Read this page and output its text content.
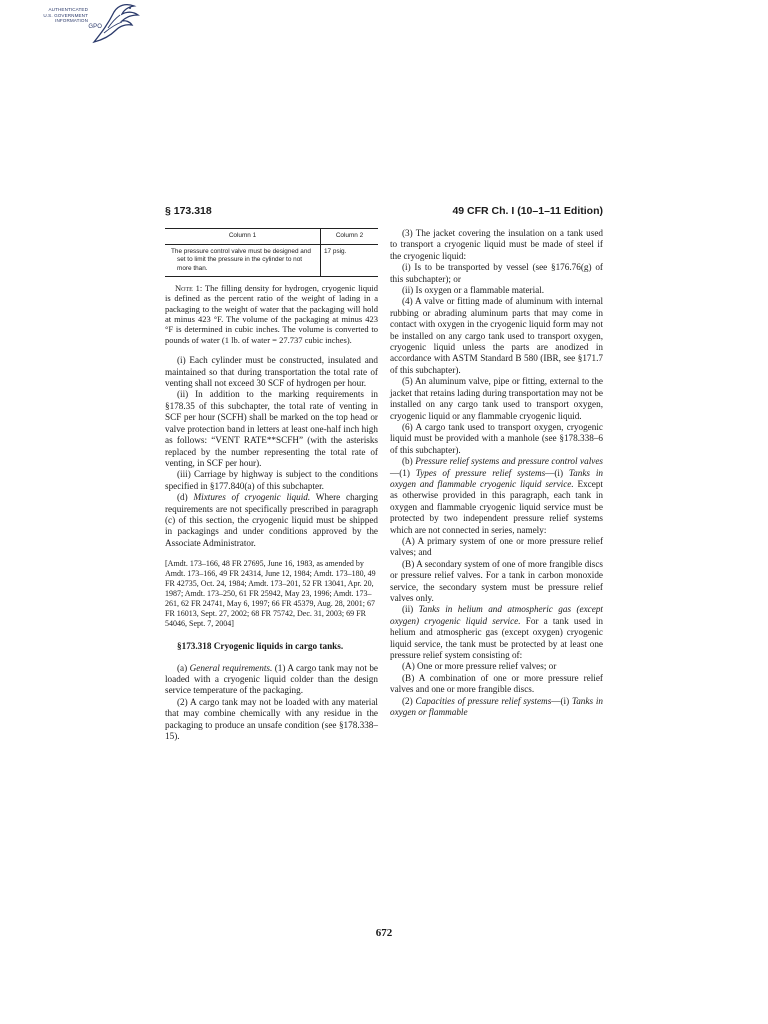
AUTHENTICATED
U.S. GOVERNMENT
INFORMATION
GPO
§ 173.318	49 CFR Ch. I (10–1–11 Edition)
Column 1	Column 2
The pressure control valve must be designed and set to limit the pressure in the cylinder to not more than.	17 psig.

Note 1: The filling density for hydrogen, cryogenic liquid is defined as the percent ratio of the weight of lading in a packaging to the weight of water that the packaging will hold at minus 423 °F. The volume of the packaging at minus 423 °F is determined in cubic inches. The volume is converted to pounds of water (1 lb. of water = 27.737 cubic inches).

(i) Each cylinder must be constructed, insulated and maintained so that during transportation the total rate of venting shall not exceed 30 SCF of hydrogen per hour.

(ii) In addition to the marking requirements in §178.35 of this subchapter, the total rate of venting in SCF per hour (SCFH) shall be marked on the top head or valve protection band in letters at least one-half inch high as follows: “VENT RATE**SCFH” (with the asterisks replaced by the number representing the total rate of venting, in SCF per hour).

(iii) Carriage by highway is subject to the conditions specified in §177.840(a) of this subchapter.

(d) Mixtures of cryogenic liquid. Where charging requirements are not specifically prescribed in paragraph (c) of this section, the cryogenic liquid must be shipped in packagings and under conditions approved by the Associate Administrator.

[Amdt. 173–166, 48 FR 27695, June 16, 1983, as amended by Amdt. 173–166, 49 FR 24314, June 12, 1984; Amdt. 173–180, 49 FR 42735, Oct. 24, 1984; Amdt. 173–201, 52 FR 13041, Apr. 20, 1987; Amdt. 173–250, 61 FR 25942, May 23, 1996; Amdt. 173–261, 62 FR 24741, May 6, 1997; 66 FR 45379, Aug. 28, 2001; 67 FR 16013, Sept. 27, 2002; 68 FR 75742, Dec. 31, 2003; 69 FR 54046, Sept. 7, 2004]

§173.318 Cryogenic liquids in cargo tanks.

(a) General requirements. (1) A cargo tank may not be loaded with a cryogenic liquid colder than the design service temperature of the packaging.

(2) A cargo tank may not be loaded with any material that may combine chemically with any residue in the packaging to produce an unsafe condition (see §178.338–15).

(3) The jacket covering the insulation on a tank used to transport a cryogenic liquid must be made of steel if the cryogenic liquid:

(i) Is to be transported by vessel (see §176.76(g) of this subchapter); or

(ii) Is oxygen or a flammable material.

(4) A valve or fitting made of aluminum with internal rubbing or abrading aluminum parts that may come in contact with oxygen in the cryogenic liquid form may not be installed on any cargo tank used to transport oxygen, cryogenic liquid unless the parts are anodized in accordance with ASTM Standard B 580 (IBR, see §171.7 of this subchapter).

(5) An aluminum valve, pipe or fitting, external to the jacket that retains lading during transportation may not be installed on any cargo tank used to transport oxygen, cryogenic liquid or any flammable cryogenic liquid.

(6) A cargo tank used to transport oxygen, cryogenic liquid must be provided with a manhole (see §178.338–6 of this subchapter).

(b) Pressure relief systems and pressure control valves—(1) Types of pressure relief systems—(i) Tanks in oxygen and flammable cryogenic liquid service. Except as otherwise provided in this paragraph, each tank in oxygen and flammable cryogenic liquid service must be protected by two independent pressure relief systems which are not connected in series, namely:

(A) A primary system of one or more pressure relief valves; and

(B) A secondary system of one of more frangible discs or pressure relief valves. For a tank in carbon monoxide service, the secondary system must be pressure relief valves only.

(ii) Tanks in helium and atmospheric gas (except oxygen) cryogenic liquid service. For a tank used in helium and atmospheric gas (except oxygen) cryogenic liquid service, the tank must be protected by at least one pressure relief system consisting of:

(A) One or more pressure relief valves; or

(B) A combination of one or more pressure relief valves and one or more frangible discs.

(2) Capacities of pressure relief systems—(i) Tanks in oxygen or flammable

672
